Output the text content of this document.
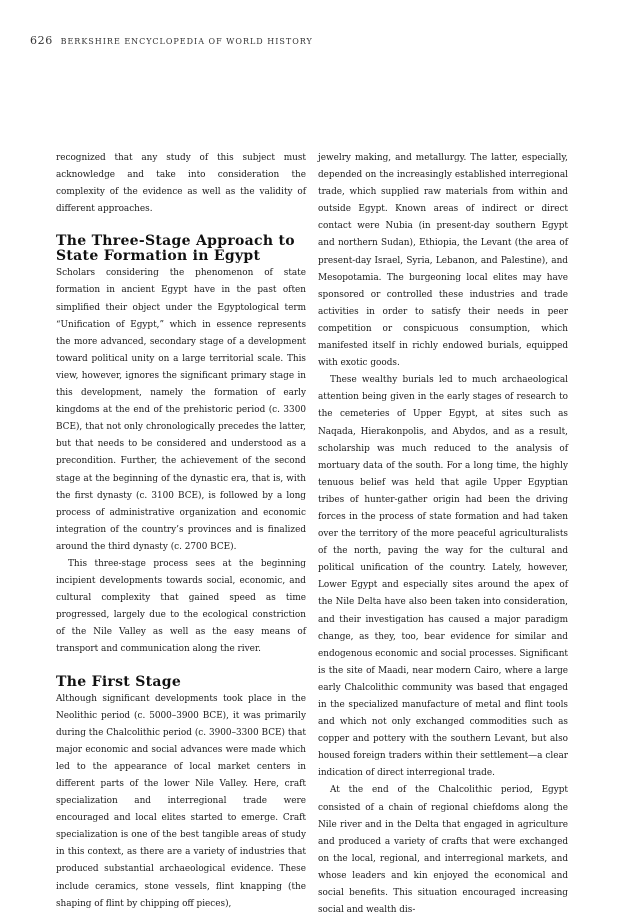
626 BERKSHIRE ENCYCLOPEDIA OF WORLD HISTORY

recognized that any study of this subject must acknowledge and take into consideration the complexity of the evidence as well as the validity of different approaches.

The Three-Stage Approach to State Formation in Egypt

Scholars considering the phenomenon of state formation in ancient Egypt have in the past often simplified their object under the Egyptological term “Unification of Egypt,” which in essence represents the more advanced, secondary stage of a development toward political unity on a large territorial scale. This view, however, ignores the significant primary stage in this development, namely the formation of early kingdoms at the end of the prehistoric period (c. 3300 BCE), that not only chronologically precedes the latter, but that needs to be considered and understood as a precondition. Further, the achievement of the second stage at the beginning of the dynastic era, that is, with the first dynasty (c. 3100 BCE), is followed by a long process of administrative organization and economic integration of the country’s provinces and is finalized around the third dynasty (c. 2700 BCE).

This three-stage process sees at the beginning incipient developments towards social, economic, and cultural complexity that gained speed as time progressed, largely due to the ecological constriction of the Nile Valley as well as the easy means of transport and communication along the river.

The First Stage

Although significant developments took place in the Neolithic period (c. 5000–3900 BCE), it was primarily during the Chalcolithic period (c. 3900–3300 BCE) that major economic and social advances were made which led to the appearance of local market centers in different parts of the lower Nile Valley. Here, craft specialization and interregional trade were encouraged and local elites started to emerge. Craft specialization is one of the best tangible areas of study in this context, as there are a variety of industries that produced substantial archaeological evidence. These include ceramics, stone vessels, flint knapping (the shaping of flint by chipping off pieces),

jewelry making, and metallurgy. The latter, especially, depended on the increasingly established interregional trade, which supplied raw materials from within and outside Egypt. Known areas of indirect or direct contact were Nubia (in present-day southern Egypt and northern Sudan), Ethiopia, the Levant (the area of present-day Israel, Syria, Lebanon, and Palestine), and Mesopotamia. The burgeoning local elites may have sponsored or controlled these industries and trade activities in order to satisfy their needs in peer competition or conspicuous consumption, which manifested itself in richly endowed burials, equipped with exotic goods.

These wealthy burials led to much archaeological attention being given in the early stages of research to the cemeteries of Upper Egypt, at sites such as Naqada, Hierakonpolis, and Abydos, and as a result, scholarship was much reduced to the analysis of mortuary data of the south. For a long time, the highly tenuous belief was held that agile Upper Egyptian tribes of hunter-gather origin had been the driving forces in the process of state formation and had taken over the territory of the more peaceful agriculturalists of the north, paving the way for the cultural and political unification of the country. Lately, however, Lower Egypt and especially sites around the apex of the Nile Delta have also been taken into consideration, and their investigation has caused a major paradigm change, as they, too, bear evidence for similar and endogenous economic and social processes. Significant is the site of Maadi, near modern Cairo, where a large early Chalcolithic community was based that engaged in the specialized manufacture of metal and flint tools and which not only exchanged commodities such as copper and pottery with the southern Levant, but also housed foreign traders within their settlement—a clear indication of direct interregional trade.

At the end of the Chalcolithic period, Egypt consisted of a chain of regional chiefdoms along the Nile river and in the Delta that engaged in agriculture and produced a variety of crafts that were exchanged on the local, regional, and interregional markets, and whose leaders and kin enjoyed the economical and social benefits. This situation encouraged increasing social and wealth dis-
